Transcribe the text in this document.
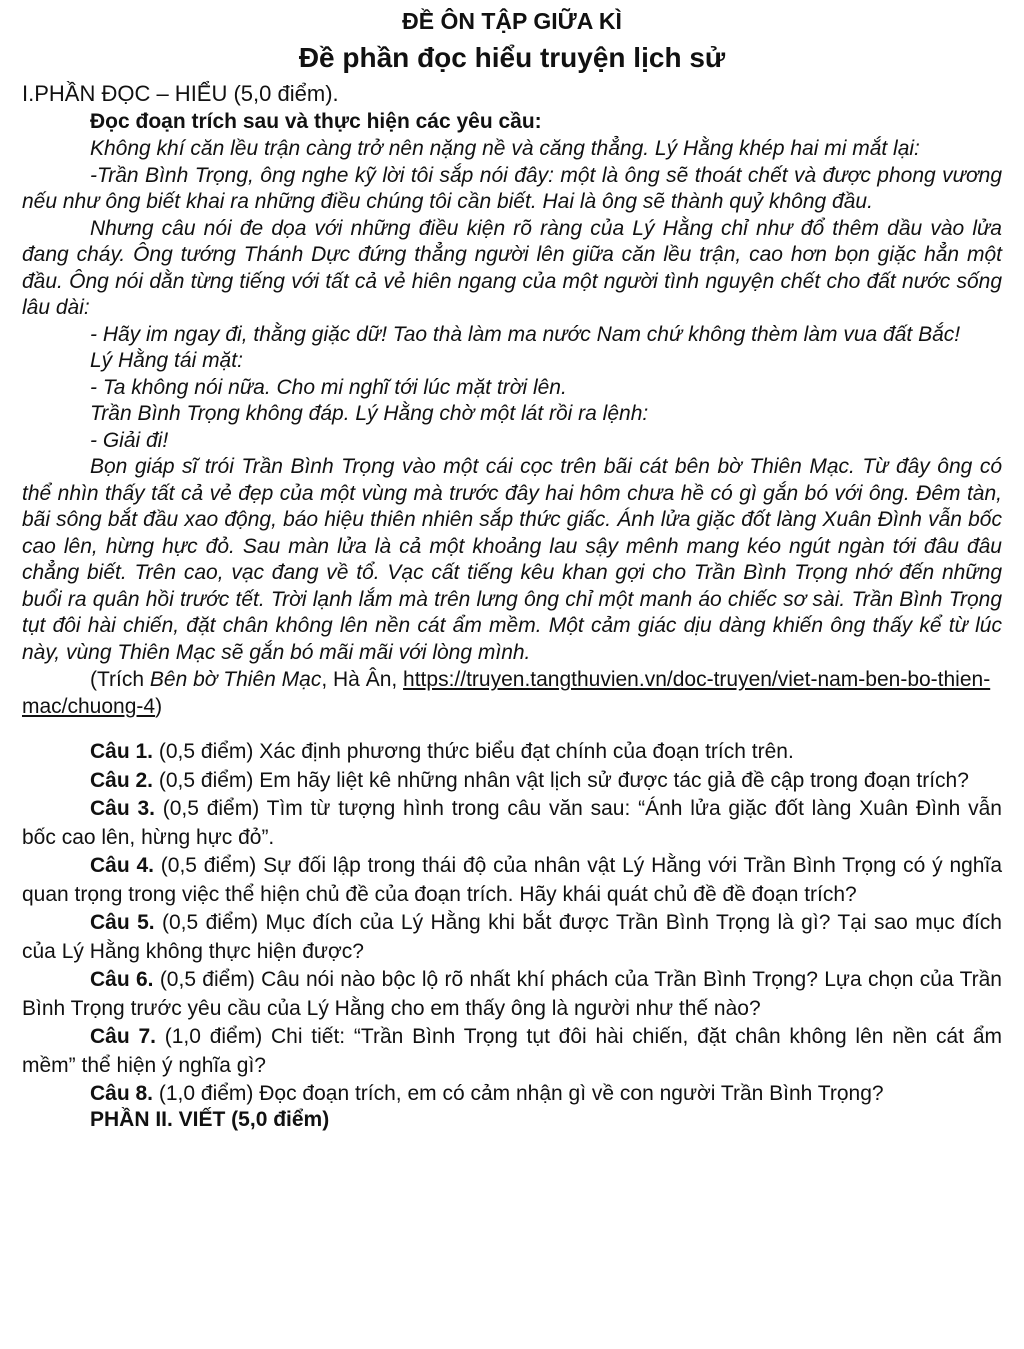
ĐỀ ÔN TẬP GIỮA KÌ
Đề phần đọc hiểu truyện lịch sử
I.PHẦN ĐỌC – HIỂU (5,0 điểm).
Đọc đoạn trích sau và thực hiện các yêu cầu:

Không khí căn lều trận càng trở nên nặng nề và căng thẳng. Lý Hằng khép hai mi mắt lại:

-Trần Bình Trọng, ông nghe kỹ lời tôi sắp nói đây: một là ông sẽ thoát chết và được phong vương nếu như ông biết khai ra những điều chúng tôi cần biết. Hai là ông sẽ thành quỷ không đầu.

Nhưng câu nói đe dọa với những điều kiện rõ ràng của Lý Hằng chỉ như đổ thêm dầu vào lửa đang cháy. Ông tướng Thánh Dực đứng thẳng người lên giữa căn lều trận, cao hơn bọn giặc hẳn một đầu. Ông nói dằn từng tiếng với tất cả vẻ hiên ngang của một người tình nguyện chết cho đất nước sống lâu dài:

- Hãy im ngay đi, thằng giặc dữ! Tao thà làm ma nước Nam chứ không thèm làm vua đất Bắc!

Lý Hằng tái mặt:

- Ta không nói nữa. Cho mi nghĩ tới lúc mặt trời lên.

Trần Bình Trọng không đáp. Lý Hằng chờ một lát rồi ra lệnh:

- Giải đi!

Bọn giáp sĩ trói Trần Bình Trọng vào một cái cọc trên bãi cát bên bờ Thiên Mạc. Từ đây ông có thể nhìn thấy tất cả vẻ đẹp của một vùng mà trước đây hai hôm chưa hề có gì gắn bó với ông. Đêm tàn, bãi sông bắt đầu xao động, báo hiệu thiên nhiên sắp thức giấc. Ánh lửa giặc đốt làng Xuân Đình vẫn bốc cao lên, hừng hực đỏ. Sau màn lửa là cả một khoảng lau sậy mênh mang kéo ngút ngàn tới đâu đâu chẳng biết. Trên cao, vạc đang về tổ. Vạc cất tiếng kêu khan gợi cho Trần Bình Trọng nhớ đến những buổi ra quân hồi trước tết. Trời lạnh lắm mà trên lưng ông chỉ một manh áo chiếc sơ sài. Trần Bình Trọng tụt đôi hài chiến, đặt chân không lên nền cát ẩm mềm. Một cảm giác dịu dàng khiến ông thấy kể từ lúc này, vùng Thiên Mạc sẽ gắn bó mãi mãi với lòng mình.

(Trích Bên bờ Thiên Mạc, Hà Ân, https://truyen.tangthuvien.vn/doc-truyen/viet-nam-ben-bo-thien-mac/chuong-4)

Câu 1. (0,5 điểm) Xác định phương thức biểu đạt chính của đoạn trích trên.

Câu 2. (0,5 điểm) Em hãy liệt kê những nhân vật lịch sử được tác giả đề cập trong đoạn trích?

Câu 3. (0,5 điểm) Tìm từ tượng hình trong câu văn sau: “Ánh lửa giặc đốt làng Xuân Đình vẫn bốc cao lên, hừng hực đỏ”.

Câu 4. (0,5 điểm) Sự đối lập trong thái độ của nhân vật Lý Hằng với Trần Bình Trọng có ý nghĩa quan trọng trong việc thể hiện chủ đề của đoạn trích. Hãy khái quát chủ đề đề đoạn trích?

Câu 5. (0,5 điểm) Mục đích của Lý Hằng khi bắt được Trần Bình Trọng là gì? Tại sao mục đích của Lý Hằng không thực hiện được?

Câu 6. (0,5 điểm) Câu nói nào bộc lộ rõ nhất khí phách của Trần Bình Trọng? Lựa chọn của Trần Bình Trọng trước yêu cầu của Lý Hằng cho em thấy ông là người như thế nào?

Câu 7. (1,0 điểm) Chi tiết: “Trần Bình Trọng tụt đôi hài chiến, đặt chân không lên nền cát ẩm mềm” thể hiện ý nghĩa gì?

Câu 8. (1,0 điểm) Đọc đoạn trích, em có cảm nhận gì về con người Trần Bình Trọng?

PHẦN II. VIẾT (5,0 điểm)
